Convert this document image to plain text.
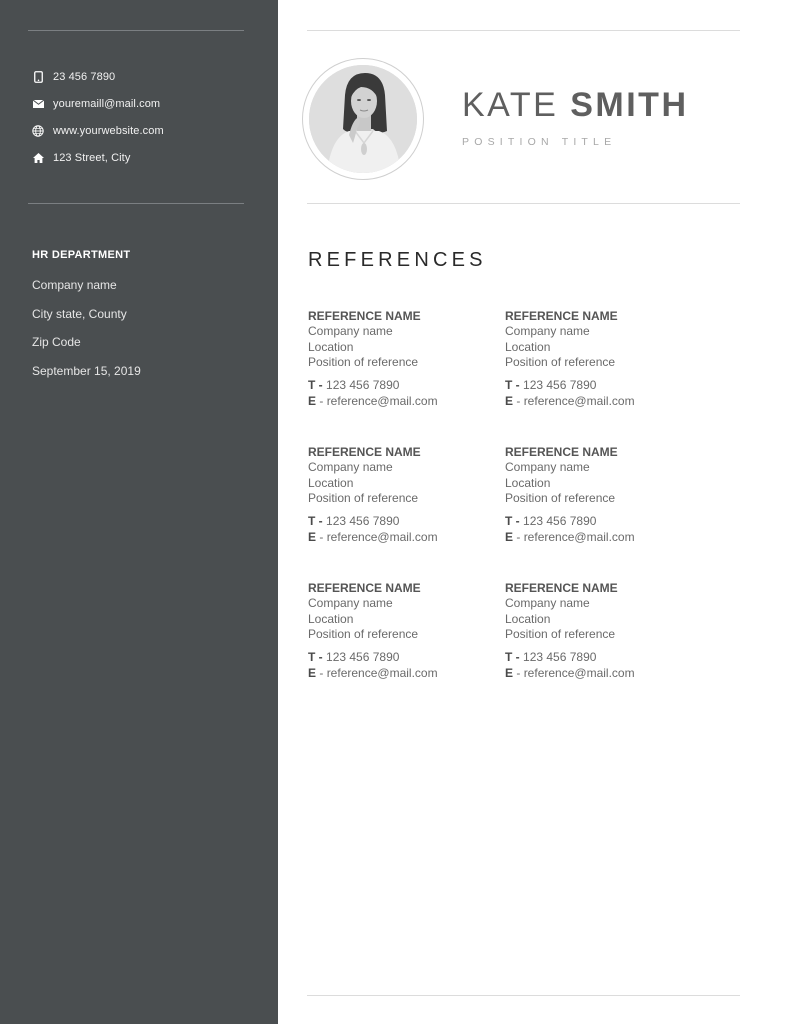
23 456 7890
youremaill@mail.com
www.yourwebsite.com
123 Street, City
HR DEPARTMENT
Company name
City state, County
Zip Code
September 15, 2019
KATE SMITH
POSITION TITLE
REFERENCES
REFERENCE NAME
Company name
Location
Position of reference
T - 123 456 7890
E - reference@mail.com
REFERENCE NAME
Company name
Location
Position of reference
T - 123 456 7890
E - reference@mail.com
REFERENCE NAME
Company name
Location
Position of reference
T - 123 456 7890
E - reference@mail.com
REFERENCE NAME
Company name
Location
Position of reference
T - 123 456 7890
E - reference@mail.com
REFERENCE NAME
Company name
Location
Position of reference
T - 123 456 7890
E - reference@mail.com
REFERENCE NAME
Company name
Location
Position of reference
T - 123 456 7890
E - reference@mail.com
